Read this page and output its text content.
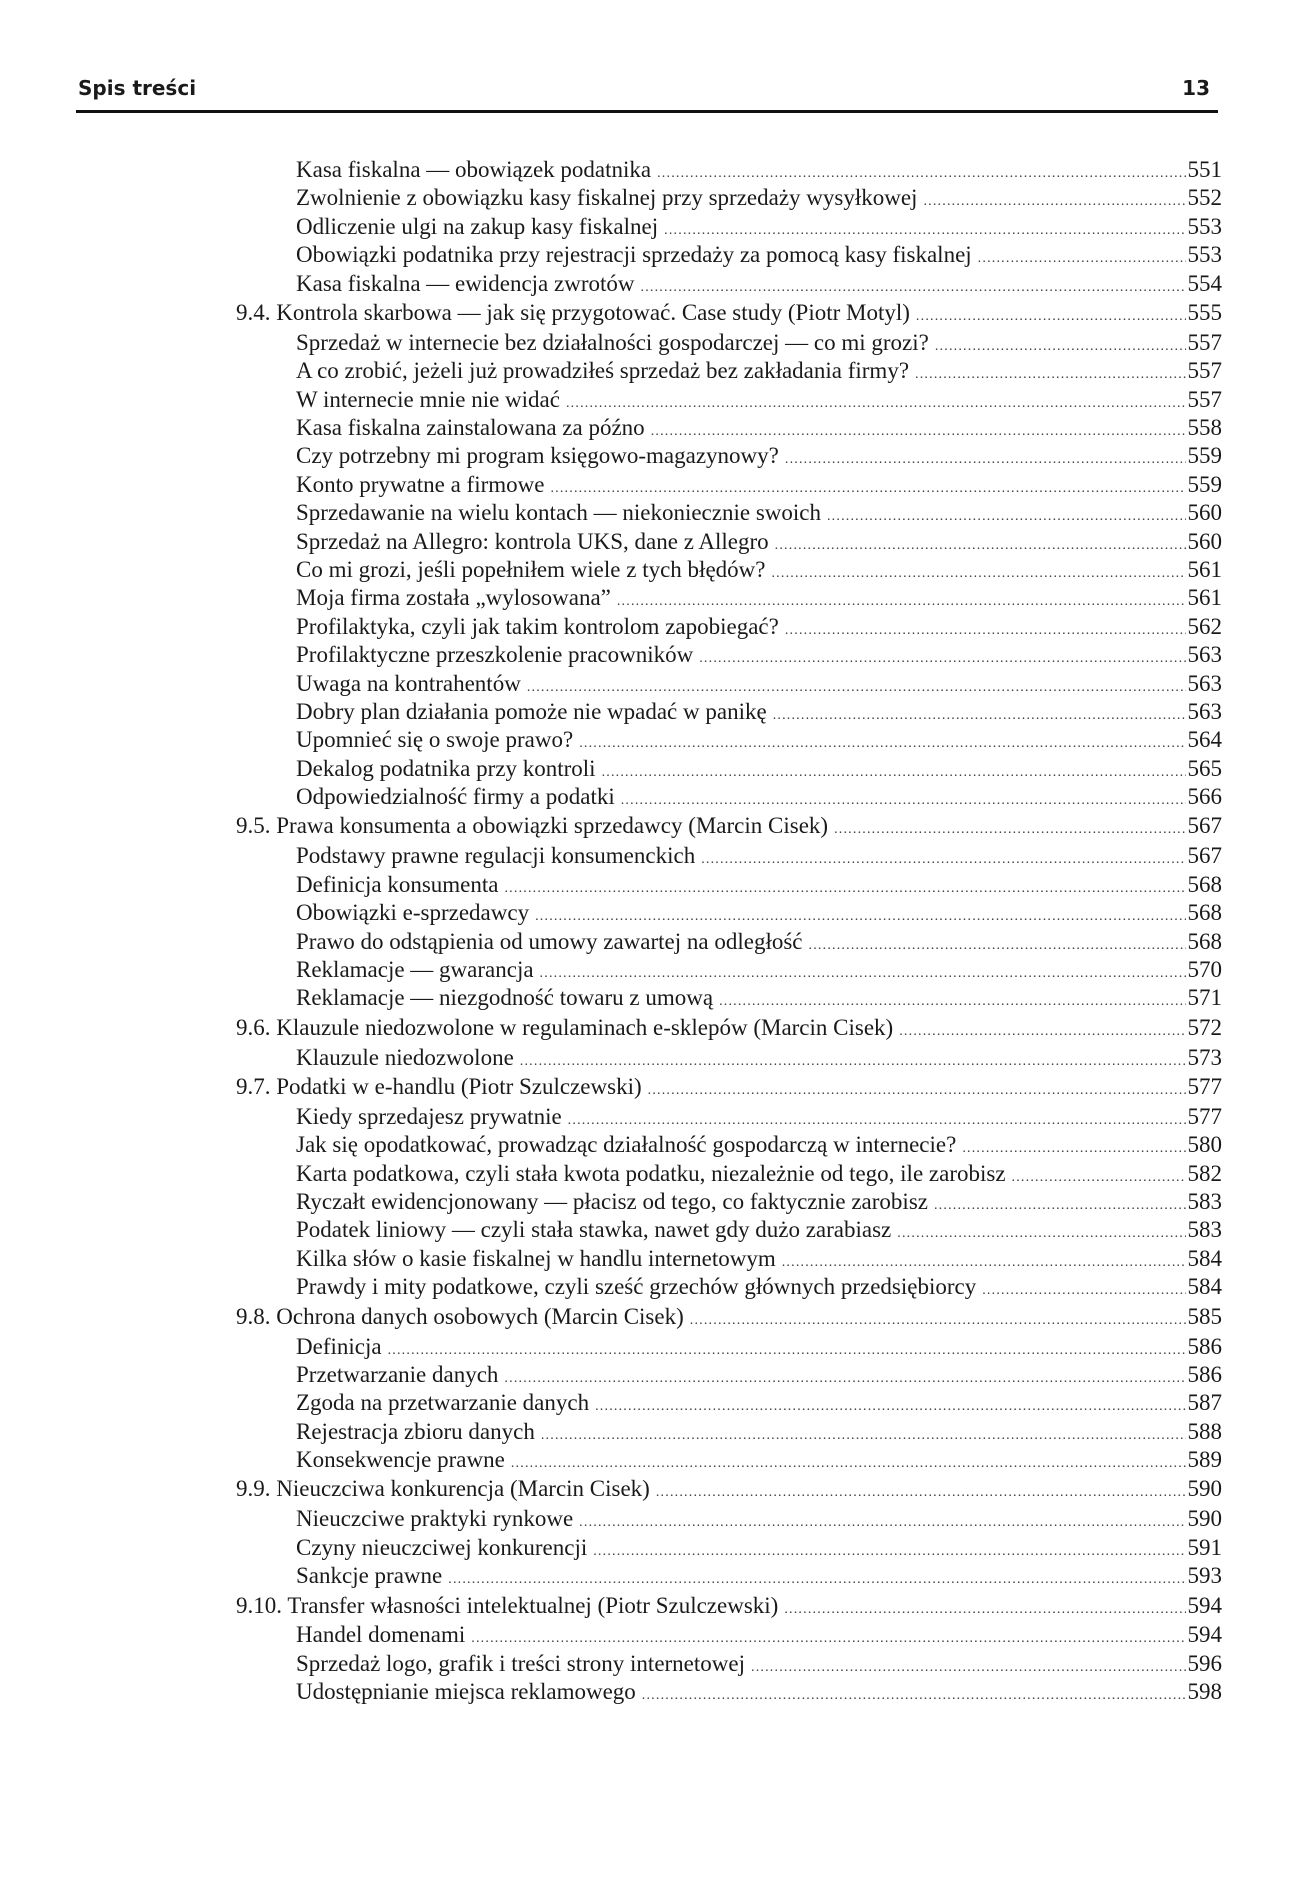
Spis treści	13
Kasa fiskalna — obowiązek podatnika .....	551
Zwolnienie z obowiązku kasy fiskalnej przy sprzedaży wysyłkowej .....	552
Odliczenie ulgi na zakup kasy fiskalnej .....	553
Obowiązki podatnika przy rejestracji sprzedaży za pomocą kasy fiskalnej .....	553
Kasa fiskalna — ewidencja zwrotów .....	554
9.4. Kontrola skarbowa — jak się przygotować. Case study (Piotr Motyl) .....	555
Sprzedaż w internecie bez działalności gospodarczej — co mi grozi? .....	557
A co zrobić, jeżeli już prowadziłeś sprzedaż bez zakładania firmy? .....	557
W internecie mnie nie widać .....	557
Kasa fiskalna zainstalowana za późno .....	558
Czy potrzebny mi program księgowo-magazynowy? .....	559
Konto prywatne a firmowe .....	559
Sprzedawanie na wielu kontach — niekoniecznie swoich .....	560
Sprzedaż na Allegro: kontrola UKS, dane z Allegro .....	560
Co mi grozi, jeśli popełniłem wiele z tych błędów? .....	561
Moja firma została „wylosowana” .....	561
Profilaktyka, czyli jak takim kontrolom zapobiegać? .....	562
Profilaktyczne przeszkolenie pracowników .....	563
Uwaga na kontrahentów .....	563
Dobry plan działania pomoże nie wpadać w panikę .....	563
Upomnieć się o swoje prawo? .....	564
Dekalog podatnika przy kontroli .....	565
Odpowiedzialność firmy a podatki .....	566
9.5. Prawa konsumenta a obowiązki sprzedawcy (Marcin Cisek) .....	567
Podstawy prawne regulacji konsumenckich .....	567
Definicja konsumenta .....	568
Obowiązki e-sprzedawcy .....	568
Prawo do odstąpienia od umowy zawartej na odległość .....	568
Reklamacje — gwarancja .....	570
Reklamacje — niezgodność towaru z umową .....	571
9.6. Klauzule niedozwolone w regulaminach e-sklepów (Marcin Cisek) .....	572
Klauzule niedozwolone .....	573
9.7. Podatki w e-handlu (Piotr Szulczewski) .....	577
Kiedy sprzedajesz prywatnie .....	577
Jak się opodatkować, prowadząc działalność gospodarczą w internecie? .....	580
Karta podatkowa, czyli stała kwota podatku, niezależnie od tego, ile zarobisz .....	582
Ryczałt ewidencjonowany — płacisz od tego, co faktycznie zarobisz .....	583
Podatek liniowy — czyli stała stawka, nawet gdy dużo zarabiasz .....	583
Kilka słów o kasie fiskalnej w handlu internetowym .....	584
Prawdy i mity podatkowe, czyli sześć grzechów głównych przedsiębiorcy .....	584
9.8. Ochrona danych osobowych (Marcin Cisek) .....	585
Definicja .....	586
Przetwarzanie danych .....	586
Zgoda na przetwarzanie danych .....	587
Rejestracja zbioru danych .....	588
Konsekwencje prawne .....	589
9.9. Nieuczciwa konkurencja (Marcin Cisek) .....	590
Nieuczciwe praktyki rynkowe .....	590
Czyny nieuczciwej konkurencji .....	591
Sankcje prawne .....	593
9.10. Transfer własności intelektualnej (Piotr Szulczewski) .....	594
Handel domenami .....	594
Sprzedaż logo, grafik i treści strony internetowej .....	596
Udostępnianie miejsca reklamowego .....	598
